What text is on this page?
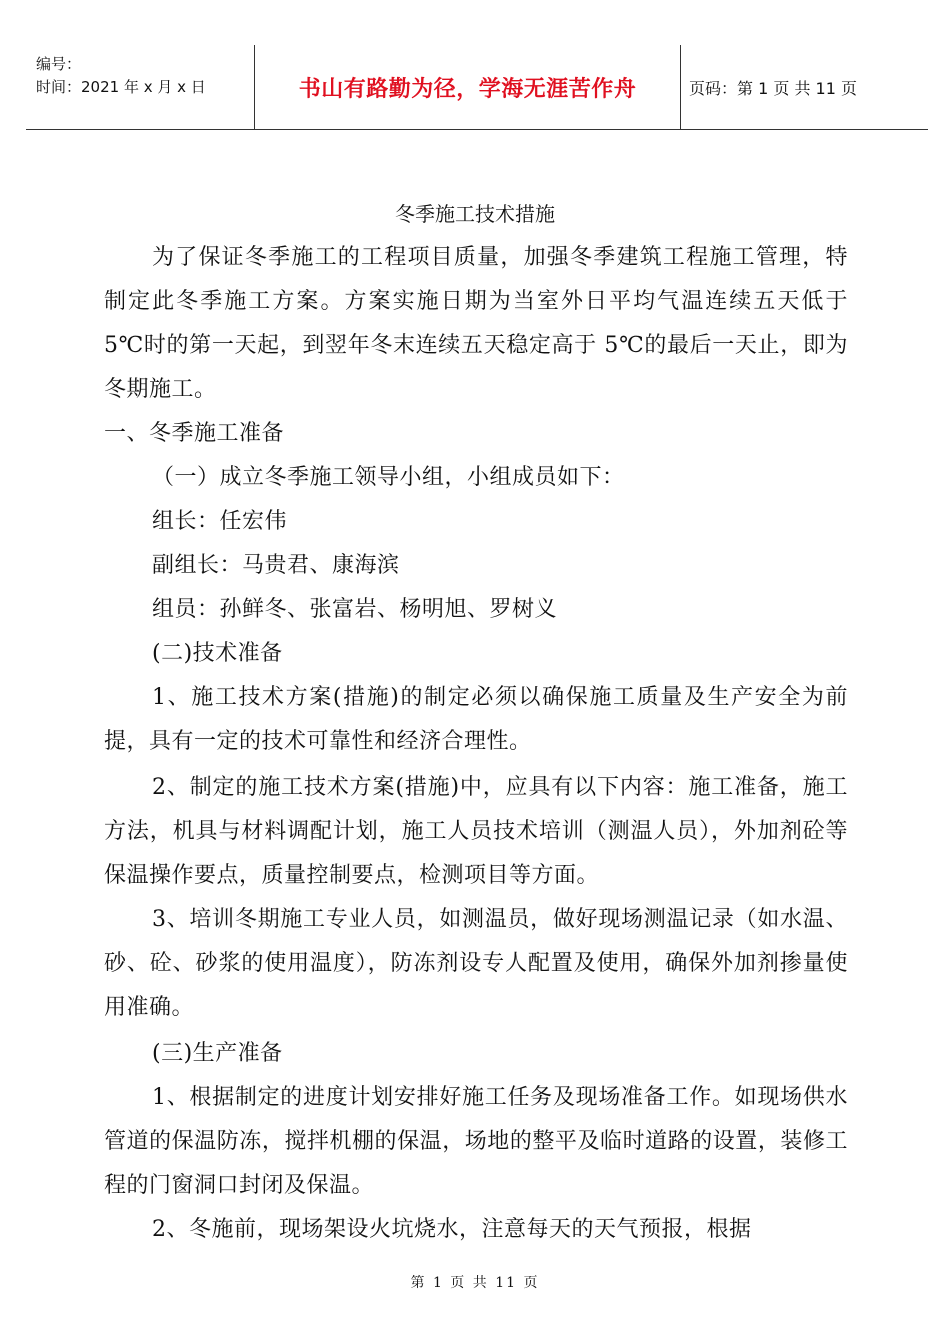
编号：
时间：2021 年 x 月 x 日	书山有路勤为径，学海无涯苦作舟	页码：第 1 页 共 11 页
冬季施工技术措施
为了保证冬季施工的工程项目质量，加强冬季建筑工程施工管理，特制定此冬季施工方案。方案实施日期为当室外日平均气温连续五天低于 5℃时的第一天起，到翌年冬末连续五天稳定高于 5℃的最后一天止，即为冬期施工。
一、冬季施工准备
（一）成立冬季施工领导小组，小组成员如下：
组长：任宏伟
副组长：马贵君、康海滨
组员：孙鲜冬、张富岩、杨明旭、罗树义
(二)技术准备
1、施工技术方案(措施)的制定必须以确保施工质量及生产安全为前提，具有一定的技术可靠性和经济合理性。
2、制定的施工技术方案(措施)中，应具有以下内容：施工准备，施工方法，机具与材料调配计划，施工人员技术培训（测温人员），外加剂砼等保温操作要点，质量控制要点，检测项目等方面。
3、培训冬期施工专业人员，如测温员，做好现场测温记录（如水温、砂、砼、砂浆的使用温度），防冻剂设专人配置及使用，确保外加剂掺量使用准确。
(三)生产准备
1、根据制定的进度计划安排好施工任务及现场准备工作。如现场供水管道的保温防冻，搅拌机棚的保温，场地的整平及临时道路的设置，装修工程的门窗洞口封闭及保温。
2、冬施前，现场架设火坑烧水，注意每天的天气预报，根据
第 1 页 共 11 页
